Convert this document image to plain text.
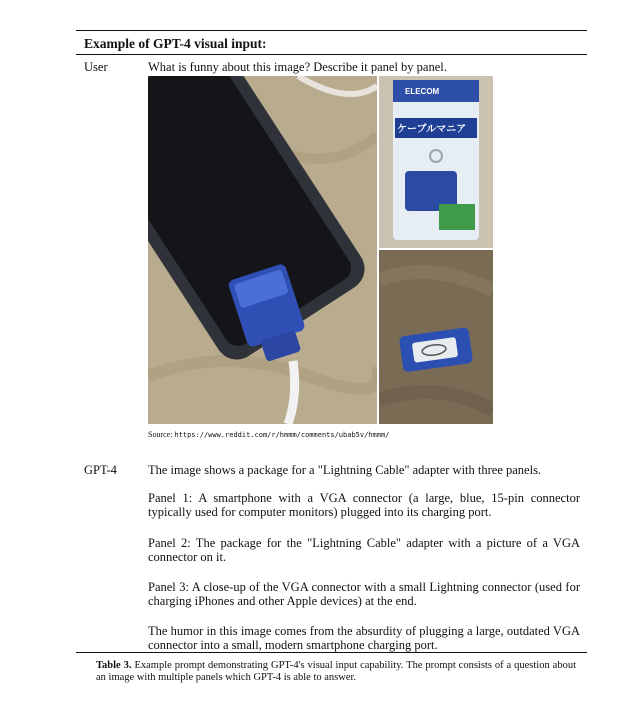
Example of GPT-4 visual input:
User	What is funny about this image? Describe it panel by panel.
ELECOM
ケーブルマニア
Source: https://www.reddit.com/r/hmmm/comments/ubab5v/hmmm/
GPT-4 The image shows a package for a "Lightning Cable" adapter with three panels.
Panel 1: A smartphone with a VGA connector (a large, blue, 15-pin connector typically used for computer monitors) plugged into its charging port.
Panel 2: The package for the "Lightning Cable" adapter with a picture of a VGA connector on it.
Panel 3: A close-up of the VGA connector with a small Lightning connector (used for charging iPhones and other Apple devices) at the end.
The humor in this image comes from the absurdity of plugging a large, outdated VGA connector into a small, modern smartphone charging port.
Table 3. Example prompt demonstrating GPT-4's visual input capability. The prompt consists of a question about an image with multiple panels which GPT-4 is able to answer.
